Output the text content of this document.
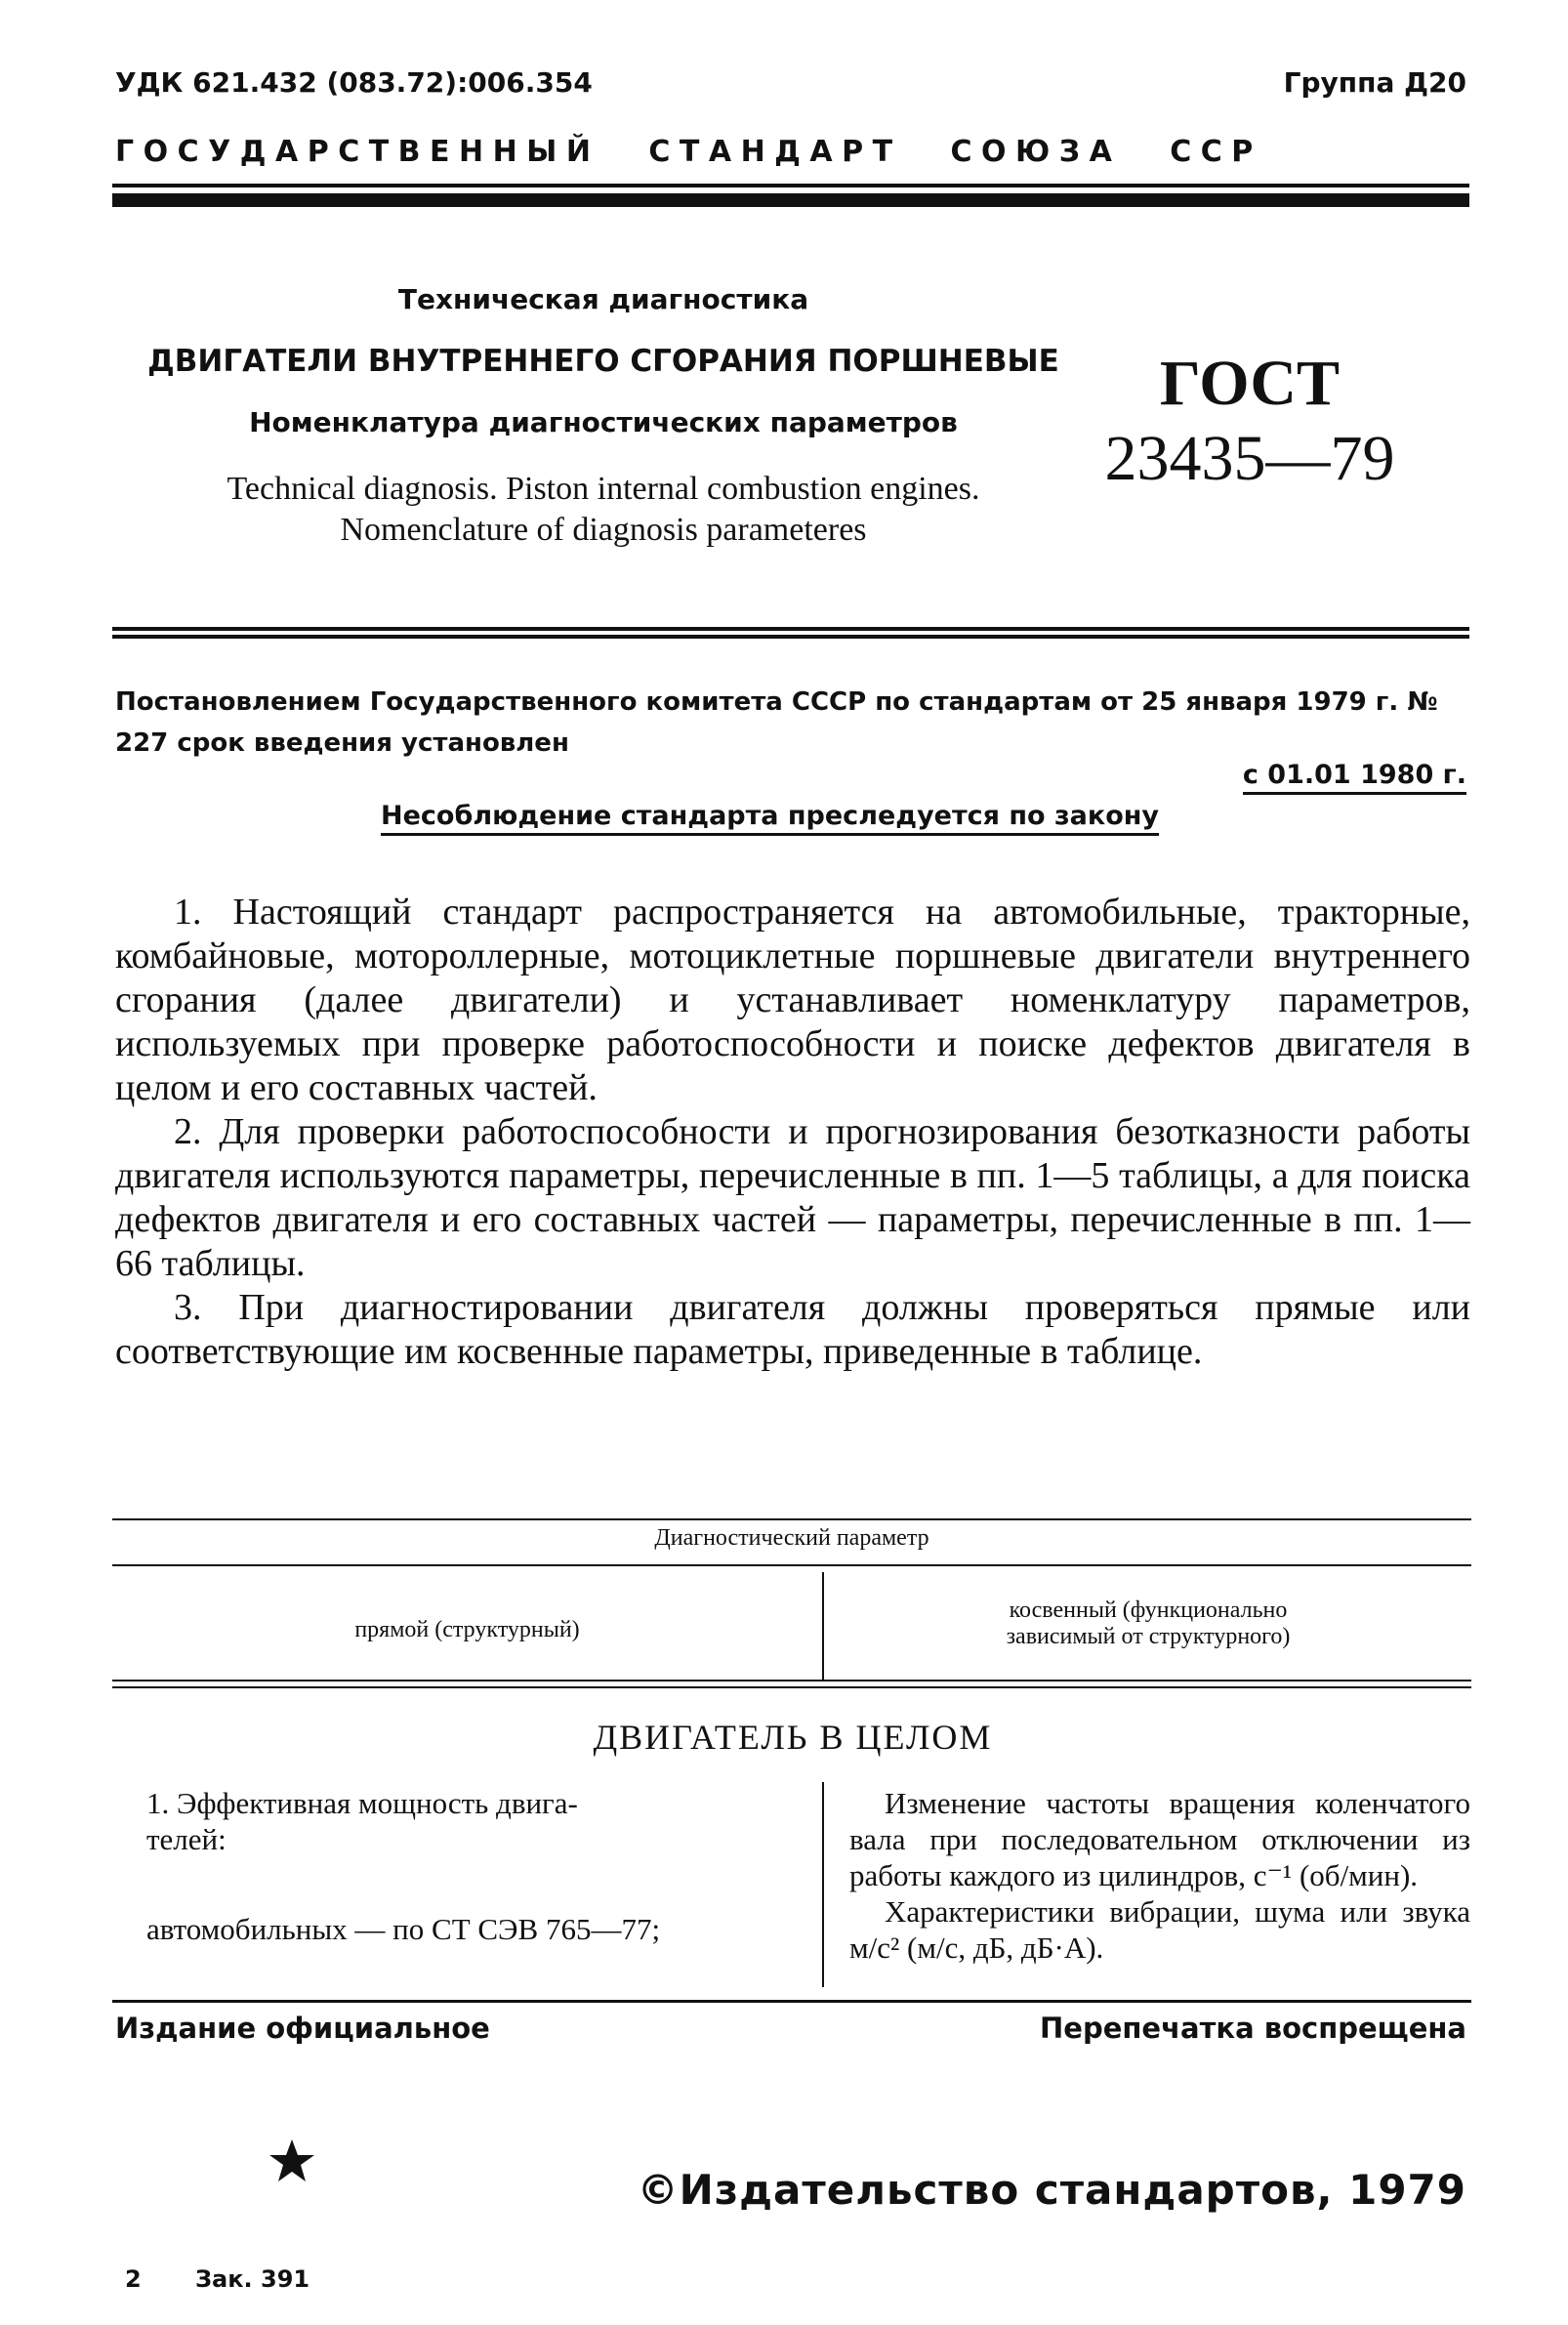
УДК 621.432 (083.72):006.354	Группа Д20
ГОСУДАРСТВЕННЫЙ СТАНДАРТ СОЮЗА ССР
Техническая диагностика
ДВИГАТЕЛИ ВНУТРЕННЕГО СГОРАНИЯ ПОРШНЕВЫЕ
Номенклатура диагностических параметров
Technical diagnosis. Piston internal combustion engines.
Nomenclature of diagnosis parameteres
ГОСТ
23435—79
Постановлением Государственного комитета СССР по стандартам от 25 января 1979 г. № 227 срок введения установлен
с 01.01 1980 г.
Несоблюдение стандарта преследуется по закону

1. Настоящий стандарт распространяется на автомобильные, тракторные, комбайновые, мотороллерные, мотоциклетные поршневые двигатели внутреннего сгорания (далее двигатели) и устанавливает номенклатуру параметров, используемых при проверке работоспособности и поиске дефектов двигателя в целом и его составных частей.

2. Для проверки работоспособности и прогнозирования безотказности работы двигателя используются параметры, перечисленные в пп. 1—5 таблицы, а для поиска дефектов двигателя и его составных частей — параметры, перечисленные в пп. 1—66 таблицы.

3. При диагностировании двигателя должны проверяться прямые или соответствующие им косвенные параметры, приведенные в таблице.

Диагностический параметр
прямой (структурный)
косвенный (функционально
зависимый от структурного)
ДВИГАТЕЛЬ В ЦЕЛОМ
1. Эффективная мощность двига-
телей:
автомобильных — по СТ СЭВ 765—77;
Изменение частоты вращения коленчатого вала при последовательном отключении из работы каждого из цилиндров, с⁻¹ (об/мин).
Характеристики вибрации, шума или звука м/с² (м/с, дБ, дБ·А).
Издание официальное	Перепечатка воспрещена
©Издательство стандартов, 1979
2 Зак. 391
